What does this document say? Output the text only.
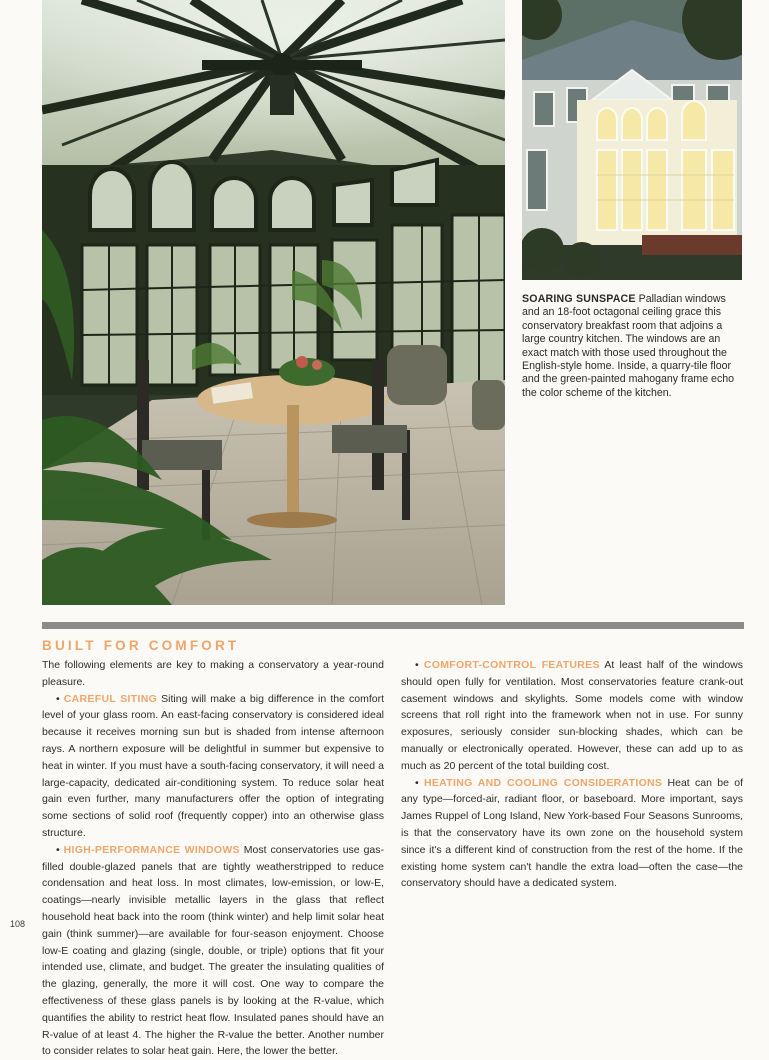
SOARING SUNSPACE Palladian windows and an 18-foot octagonal ceiling grace this conservatory breakfast room that adjoins a large country kitchen. The windows are an exact match with those used throughout the English-style home. Inside, a quarry-tile floor and the green-painted mahogany frame echo the color scheme of the kitchen.
BUILT FOR COMFORT

The following elements are key to making a conservatory a year-round pleasure.

• CAREFUL SITING Siting will make a big difference in the comfort level of your glass room. An east-facing conservatory is considered ideal because it receives morning sun but is shaded from intense afternoon rays. A northern exposure will be delightful in summer but expensive to heat in winter. If you must have a south-facing conservatory, it will need a large-capacity, dedicated air-conditioning system. To reduce solar heat gain even further, many manufacturers offer the option of integrating some sections of solid roof (frequently copper) into an otherwise glass structure.

• HIGH-PERFORMANCE WINDOWS Most conservatories use gas-filled double-glazed panels that are tightly weatherstripped to reduce condensation and heat loss. In most climates, low-emission, or low-E, coatings—nearly invisible metallic layers in the glass that reflect household heat back into the room (think winter) and help limit solar heat gain (think summer)—are available for four-season enjoyment. Choose low-E coating and glazing (single, double, or triple) options that fit your intended use, climate, and budget. The greater the insulating qualities of the glazing, generally, the more it will cost. One way to compare the effectiveness of these glass panels is by looking at the R-value, which quantifies the ability to restrict heat flow. Insulated panes should have an R-value of at least 4. The higher the R-value the better. Another number to consider relates to solar heat gain. Here, the lower the better.

• COMFORT-CONTROL FEATURES At least half of the windows should open fully for ventilation. Most conservatories feature crank-out casement windows and skylights. Some models come with window screens that roll right into the framework when not in use. For sunny exposures, seriously consider sun-blocking shades, which can be manually or electronically operated. However, these can add up to as much as 20 percent of the total building cost.

• HEATING AND COOLING CONSIDERATIONS Heat can be of any type—forced-air, radiant floor, or baseboard. More important, says James Ruppel of Long Island, New York-based Four Seasons Sunrooms, is that the conservatory have its own zone on the household system since it's a different kind of construction from the rest of the home. If the existing home system can't handle the extra load—often the case—the conservatory should have a dedicated system.

108
